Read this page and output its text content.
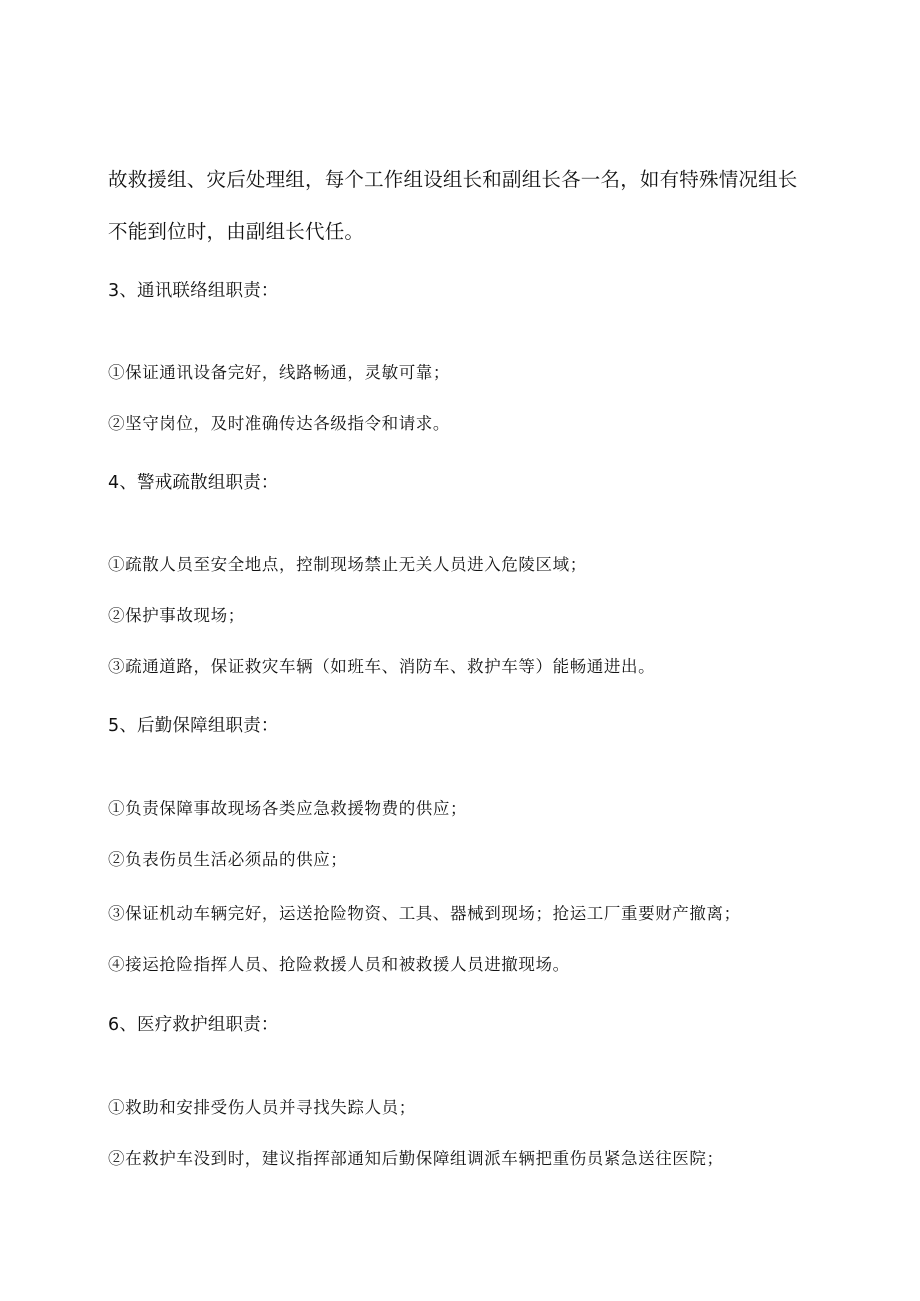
故救援组、灾后处理组，每个工作组设组长和副组长各一名，如有特殊情况组长
不能到位时，由副组长代任。
3、通讯联络组职责：
①保证通讯设备完好，线路畅通，灵敏可靠；
②坚守岗位，及时准确传达各级指令和请求。
4、警戒疏散组职责：
①疏散人员至安全地点，控制现场禁止无关人员进入危陵区域；
②保护事故现场；
③疏通道路，保证救灾车辆（如班车、消防车、救护车等）能畅通进出。
5、后勤保障组职责：
①负责保障事故现场各类应急救援物费的供应；
②负表伤员生活必须品的供应；
③保证机动车辆完好，运送抢险物资、工具、器械到现场；抢运工厂重要财产撤离；
④接运抢险指挥人员、抢险救援人员和被救援人员进撤现场。
6、医疗救护组职责：
①救助和安排受伤人员并寻找失踪人员；
②在救护车没到时，建议指挥部通知后勤保障组调派车辆把重伤员紧急送往医院；
